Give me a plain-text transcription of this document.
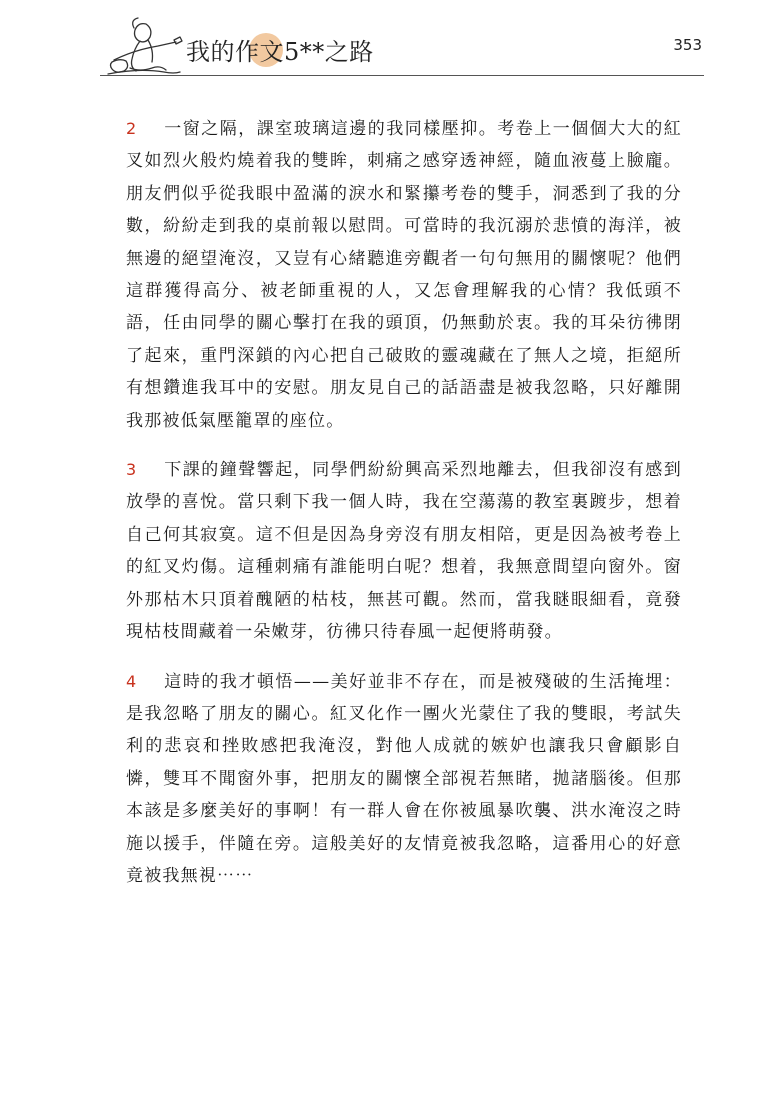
我的作文5**之路	353

2 一窗之隔，課室玻璃這邊的我同樣壓抑。考卷上一個個大大的紅叉如烈火般灼燒着我的雙眸，刺痛之感穿透神經，隨血液蔓上臉龐。朋友們似乎從我眼中盈滿的淚水和緊攥考卷的雙手，洞悉到了我的分數，紛紛走到我的桌前報以慰問。可當時的我沉溺於悲憤的海洋，被無邊的絕望淹沒，又豈有心緒聽進旁觀者一句句無用的關懷呢？他們這群獲得高分、被老師重視的人，又怎會理解我的心情？我低頭不語，任由同學的關心擊打在我的頭頂，仍無動於衷。我的耳朵彷彿閉了起來，重門深鎖的內心把自己破敗的靈魂藏在了無人之境，拒絕所有想鑽進我耳中的安慰。朋友見自己的話語盡是被我忽略，只好離開我那被低氣壓籠罩的座位。

3 下課的鐘聲響起，同學們紛紛興高采烈地離去，但我卻沒有感到放學的喜悅。當只剩下我一個人時，我在空蕩蕩的教室裏踱步，想着自己何其寂寞。這不但是因為身旁沒有朋友相陪，更是因為被考卷上的紅叉灼傷。這種刺痛有誰能明白呢？想着，我無意間望向窗外。窗外那枯木只頂着醜陋的枯枝，無甚可觀。然而，當我瞇眼細看，竟發現枯枝間藏着一朵嫩芽，彷彿只待春風一起便將萌發。

4 這時的我才頓悟——美好並非不存在，而是被殘破的生活掩埋：是我忽略了朋友的關心。紅叉化作一團火光蒙住了我的雙眼，考試失利的悲哀和挫敗感把我淹沒，對他人成就的嫉妒也讓我只會顧影自憐，雙耳不聞窗外事，把朋友的關懷全部視若無睹，拋諸腦後。但那本該是多麼美好的事啊！有一群人會在你被風暴吹襲、洪水淹沒之時施以援手，伴隨在旁。這般美好的友情竟被我忽略，這番用心的好意竟被我無視⋯⋯
